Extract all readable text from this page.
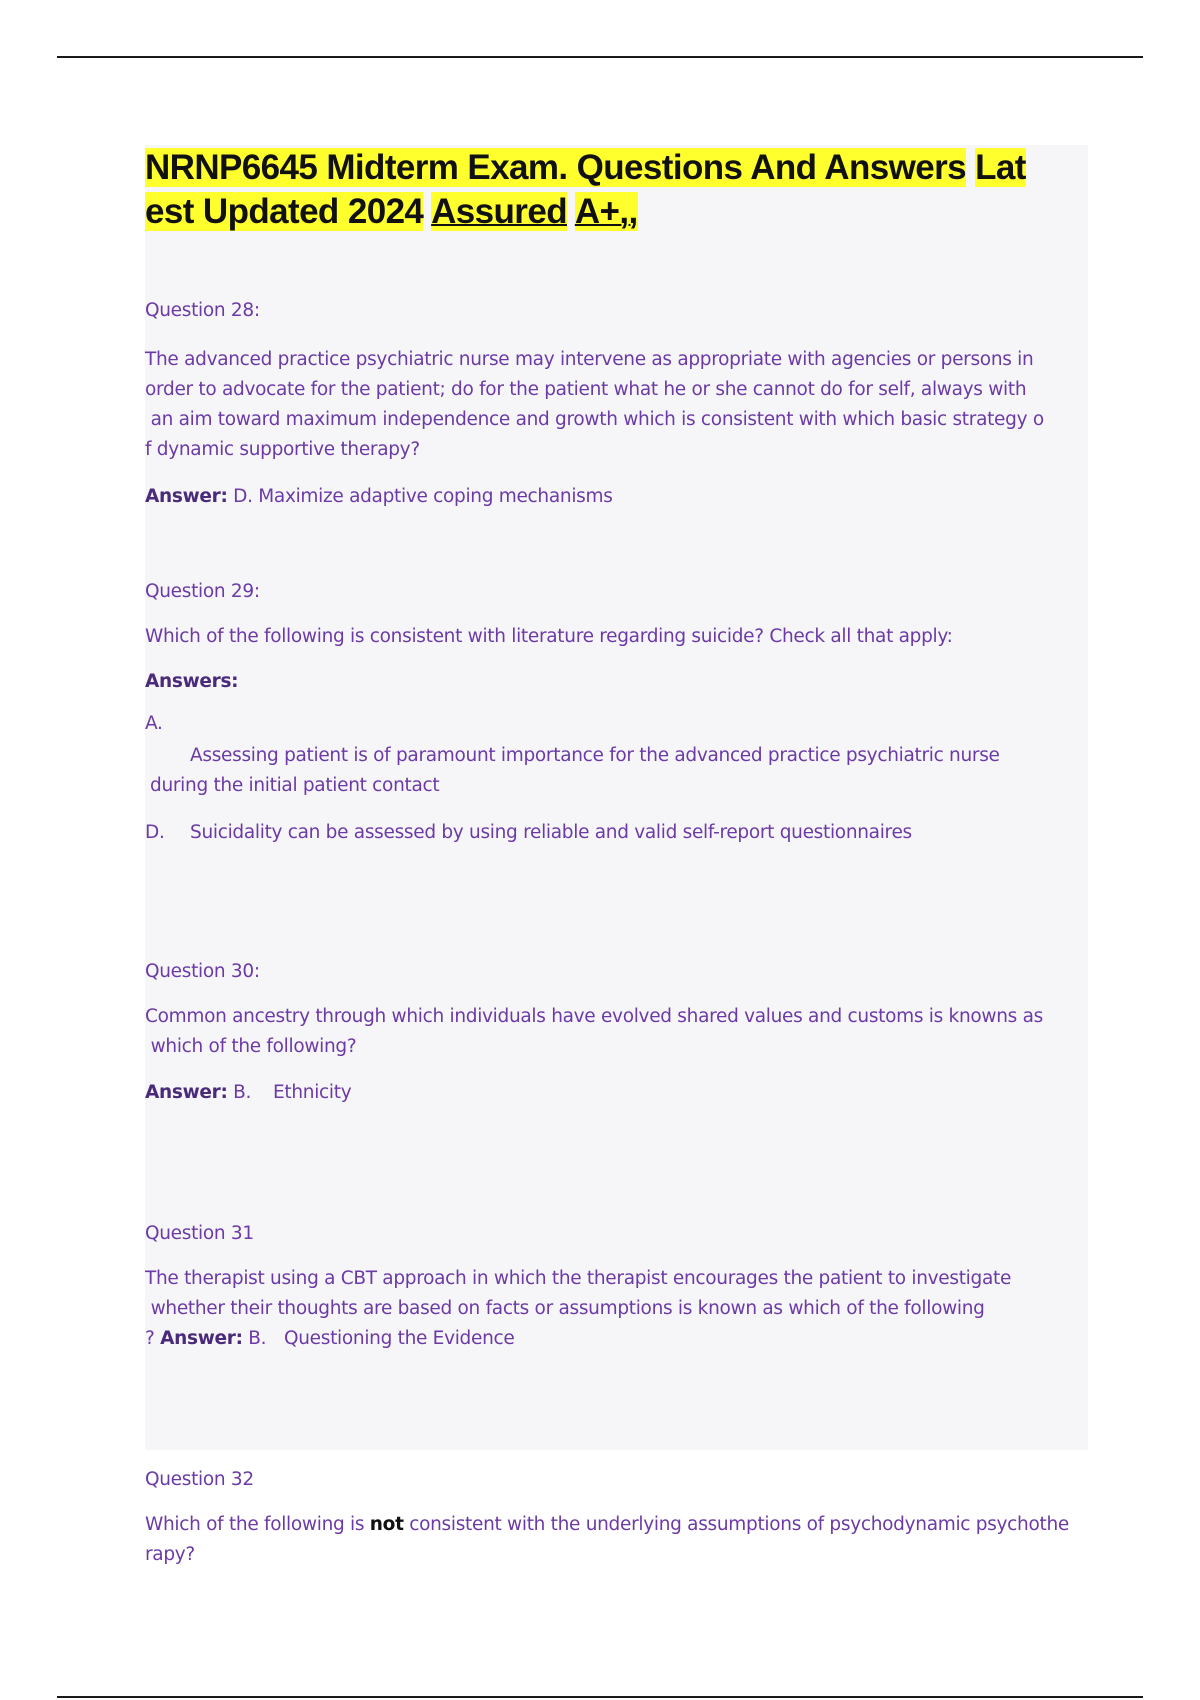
NRNP6645 Midterm Exam. Questions And Answers Lat
est Updated 2024 Assured A+,,
Question 28:
The advanced practice psychiatric nurse may intervene as appropriate with agencies or persons in
order to advocate for the patient; do for the patient what he or she cannot do for self, always with
an aim toward maximum independence and growth which is consistent with which basic strategy o
f dynamic supportive therapy?
Answer: D. Maximize adaptive coping mechanisms
Question 29:
Which of the following is consistent with literature regarding suicide? Check all that apply:
Answers:
A.
Assessing patient is of paramount importance for the advanced practice psychiatric nurse
during the initial patient contact
D. Suicidality can be assessed by using reliable and valid self-report questionnaires
Question 30:
Common ancestry through which individuals have evolved shared values and customs is knowns as
which of the following?
Answer: B. Ethnicity
Question 31
The therapist using a CBT approach in which the therapist encourages the patient to investigate
whether their thoughts are based on facts or assumptions is known as which of the following
? Answer: B. Questioning the Evidence
Question 32
Which of the following is not consistent with the underlying assumptions of psychodynamic psychothe
rapy?
